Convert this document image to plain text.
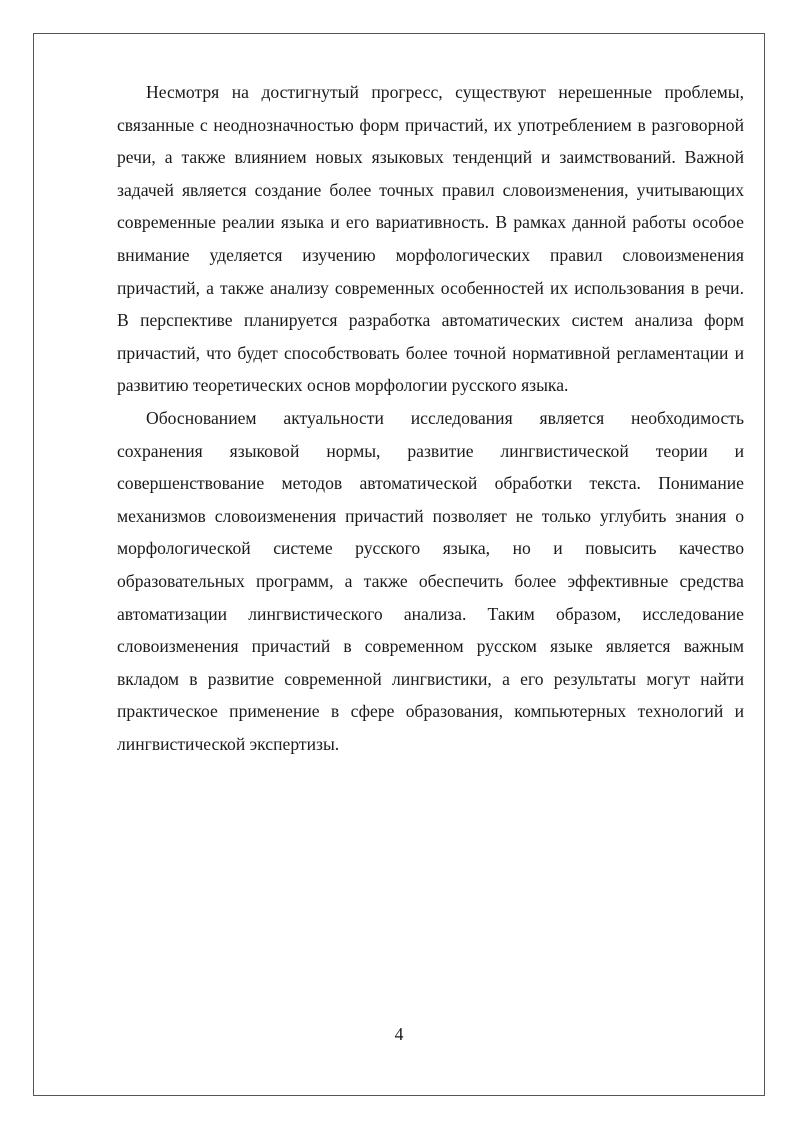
Несмотря на достигнутый прогресс, существуют нерешенные проблемы, связанные с неоднозначностью форм причастий, их употреблением в разговорной речи, а также влиянием новых языковых тенденций и заимствований. Важной задачей является создание более точных правил словоизменения, учитывающих современные реалии языка и его вариативность. В рамках данной работы особое внимание уделяется изучению морфологических правил словоизменения причастий, а также анализу современных особенностей их использования в речи. В перспективе планируется разработка автоматических систем анализа форм причастий, что будет способствовать более точной нормативной регламентации и развитию теоретических основ морфологии русского языка.

Обоснованием актуальности исследования является необходимость сохранения языковой нормы, развитие лингвистической теории и совершенствование методов автоматической обработки текста. Понимание механизмов словоизменения причастий позволяет не только углубить знания о морфологической системе русского языка, но и повысить качество образовательных программ, а также обеспечить более эффективные средства автоматизации лингвистического анализа. Таким образом, исследование словоизменения причастий в современном русском языке является важным вкладом в развитие современной лингвистики, а его результаты могут найти практическое применение в сфере образования, компьютерных технологий и лингвистической экспертизы.

4
